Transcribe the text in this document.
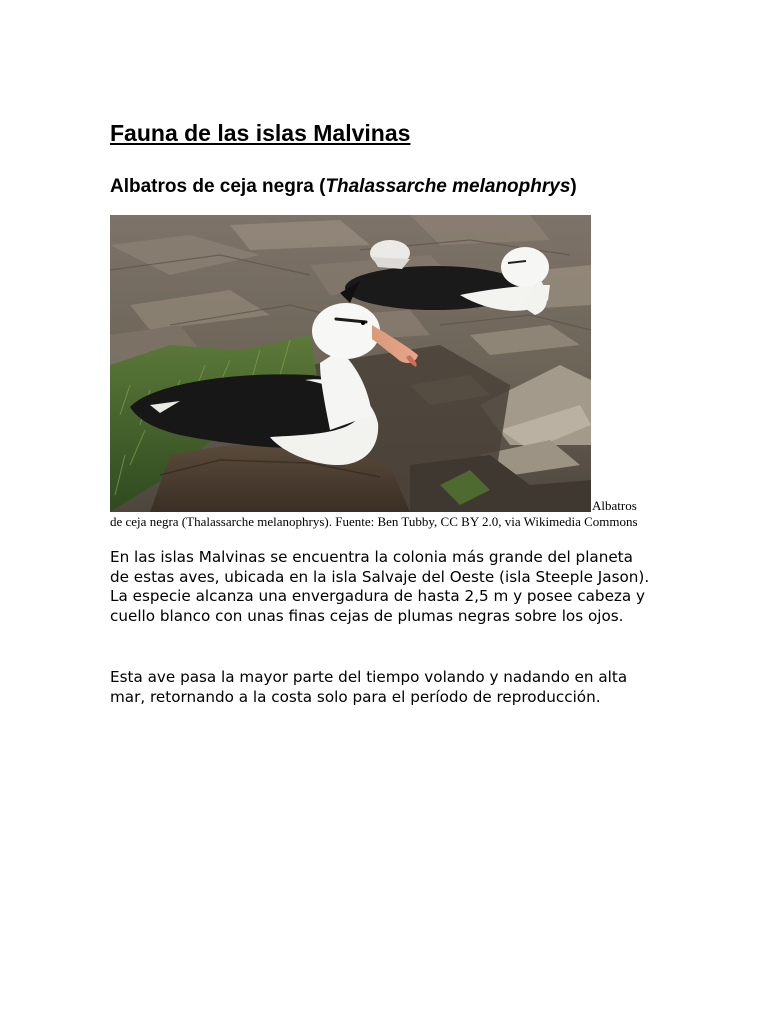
Fauna de las islas Malvinas
Albatros de ceja negra (Thalassarche melanophrys)
Albatros de ceja negra (Thalassarche melanophrys). Fuente: Ben Tubby, CC BY 2.0, via Wikimedia Commons

En las islas Malvinas se encuentra la colonia más grande del planeta de estas aves, ubicada en la isla Salvaje del Oeste (isla Steeple Jason). La especie alcanza una envergadura de hasta 2,5 m y posee cabeza y cuello blanco con unas finas cejas de plumas negras sobre los ojos.

Esta ave pasa la mayor parte del tiempo volando y nadando en alta mar, retornando a la costa solo para el período de reproducción.
